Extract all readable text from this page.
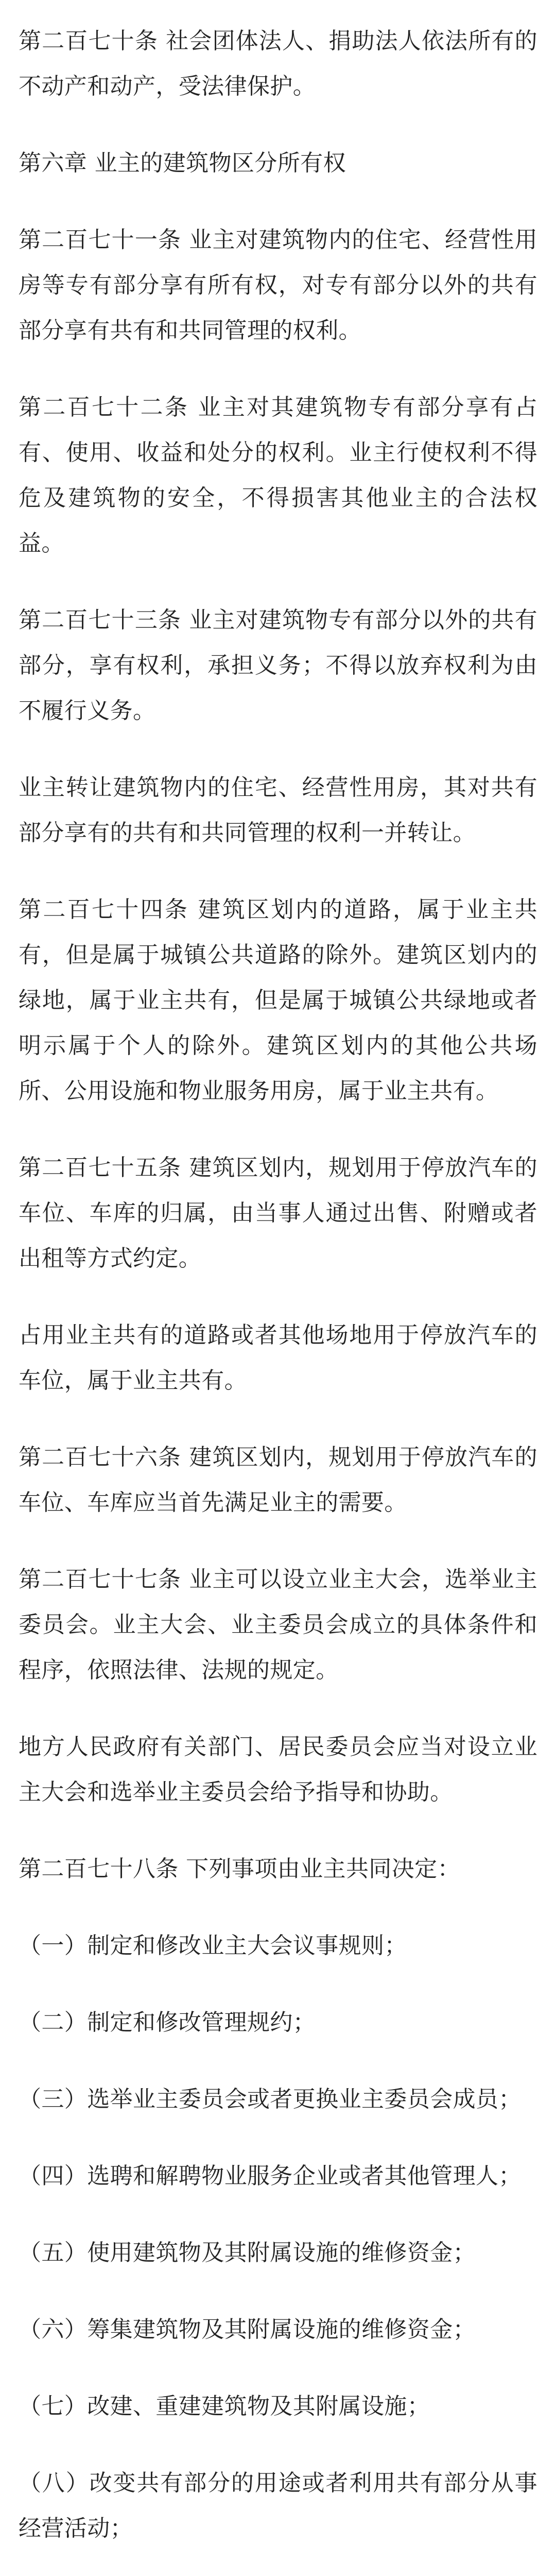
第二百七十条 社会团体法人、捐助法人依法所有的不动产和动产，受法律保护。

第六章 业主的建筑物区分所有权

第二百七十一条 业主对建筑物内的住宅、经营性用房等专有部分享有所有权，对专有部分以外的共有部分享有共有和共同管理的权利。

第二百七十二条 业主对其建筑物专有部分享有占有、使用、收益和处分的权利。业主行使权利不得危及建筑物的安全，不得损害其他业主的合法权益。

第二百七十三条 业主对建筑物专有部分以外的共有部分，享有权利，承担义务；不得以放弃权利为由不履行义务。

业主转让建筑物内的住宅、经营性用房，其对共有部分享有的共有和共同管理的权利一并转让。

第二百七十四条 建筑区划内的道路，属于业主共有，但是属于城镇公共道路的除外。建筑区划内的绿地，属于业主共有，但是属于城镇公共绿地或者明示属于个人的除外。建筑区划内的其他公共场所、公用设施和物业服务用房，属于业主共有。

第二百七十五条 建筑区划内，规划用于停放汽车的车位、车库的归属，由当事人通过出售、附赠或者出租等方式约定。

占用业主共有的道路或者其他场地用于停放汽车的车位，属于业主共有。

第二百七十六条 建筑区划内，规划用于停放汽车的车位、车库应当首先满足业主的需要。

第二百七十七条 业主可以设立业主大会，选举业主委员会。业主大会、业主委员会成立的具体条件和程序，依照法律、法规的规定。

地方人民政府有关部门、居民委员会应当对设立业主大会和选举业主委员会给予指导和协助。

第二百七十八条 下列事项由业主共同决定：

（一）制定和修改业主大会议事规则；

（二）制定和修改管理规约；

（三）选举业主委员会或者更换业主委员会成员；

（四）选聘和解聘物业服务企业或者其他管理人；

（五）使用建筑物及其附属设施的维修资金；

（六）筹集建筑物及其附属设施的维修资金；

（七）改建、重建建筑物及其附属设施；

（八）改变共有部分的用途或者利用共有部分从事经营活动；
